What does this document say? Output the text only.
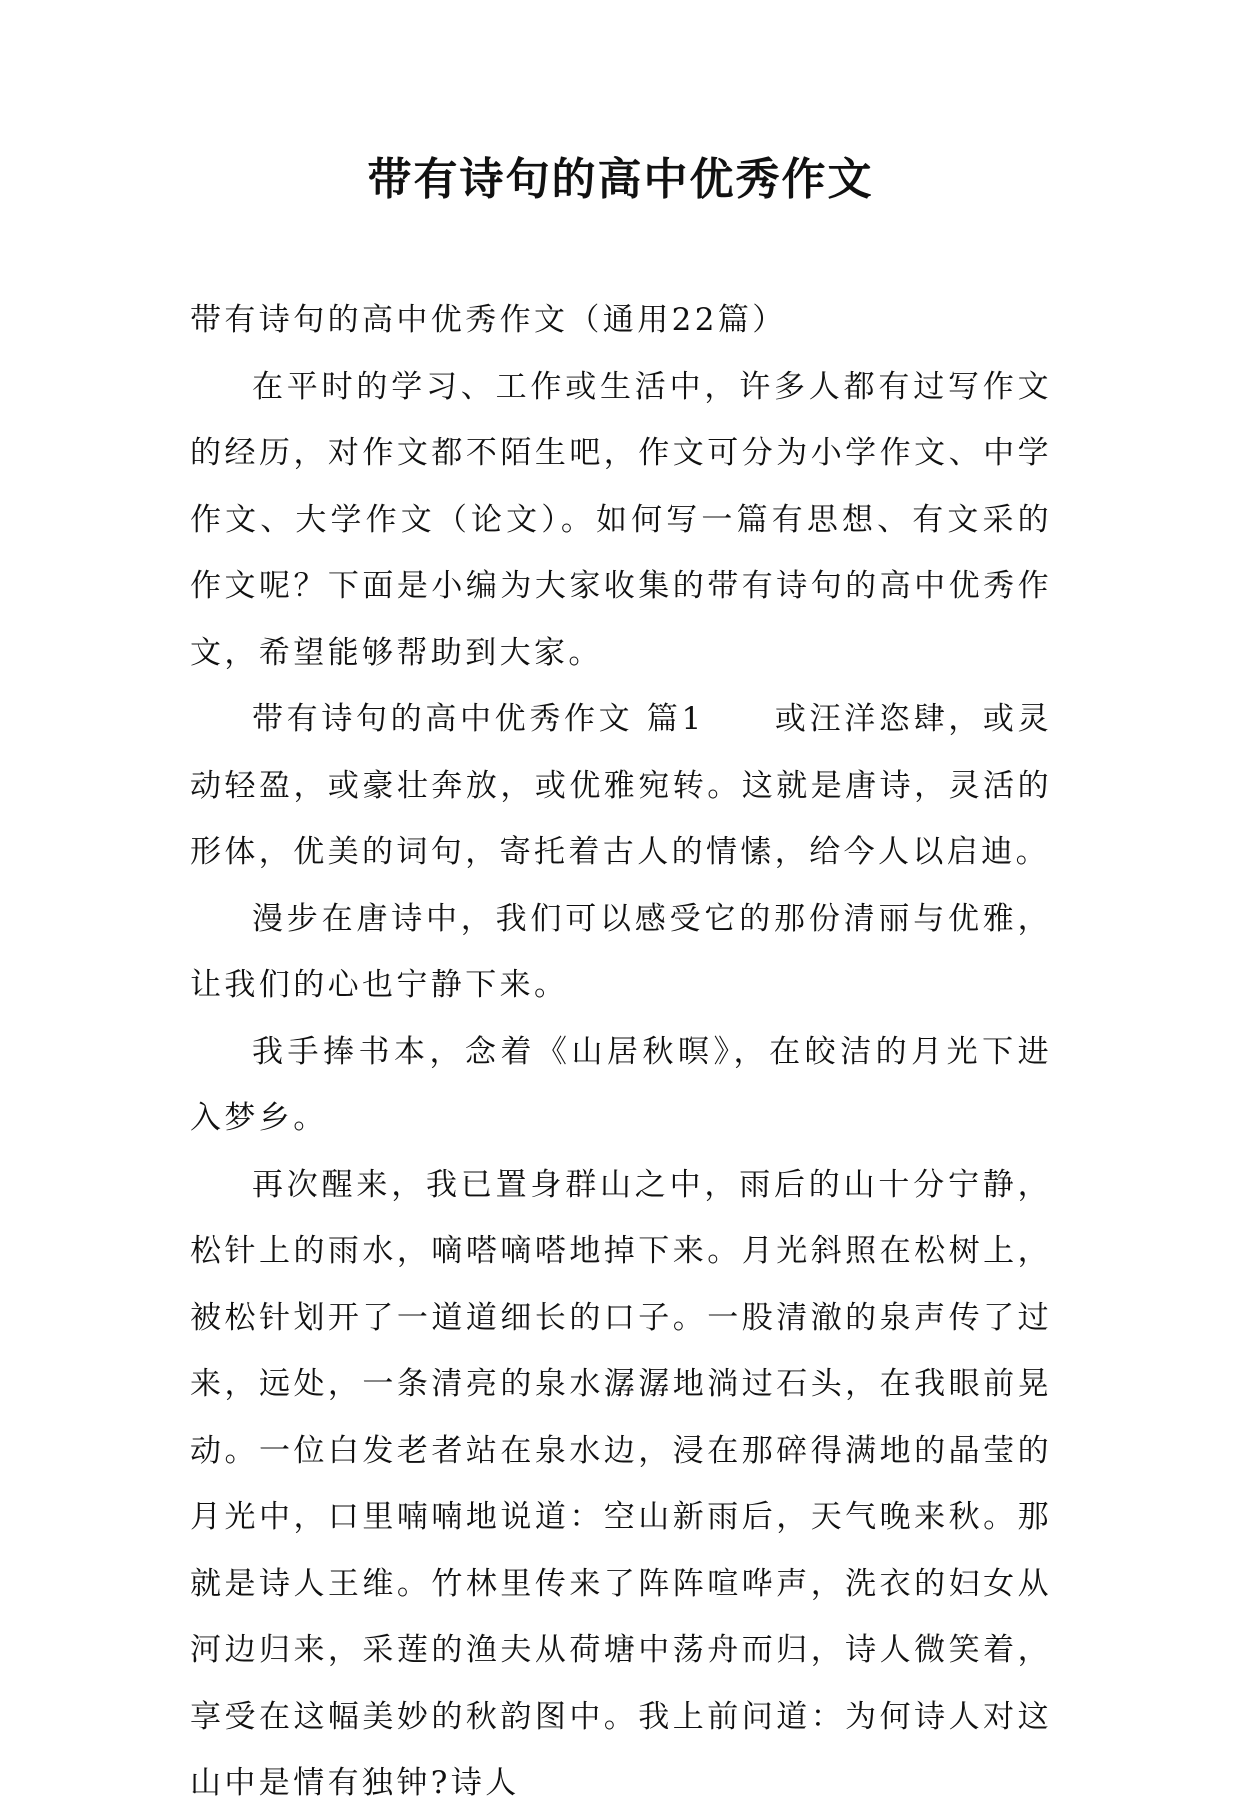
带有诗句的高中优秀作文

带有诗句的高中优秀作文（通用22篇）

在平时的学习、工作或生活中，许多人都有过写作文的经历，对作文都不陌生吧，作文可分为小学作文、中学作文、大学作文（论文）。如何写一篇有思想、有文采的作文呢？下面是小编为大家收集的带有诗句的高中优秀作文，希望能够帮助到大家。

带有诗句的高中优秀作文 篇1 或汪洋恣肆，或灵动轻盈，或豪壮奔放，或优雅宛转。这就是唐诗，灵活的形体，优美的词句，寄托着古人的情愫，给今人以启迪。

漫步在唐诗中，我们可以感受它的那份清丽与优雅，让我们的心也宁静下来。

我手捧书本，念着《山居秋暝》，在皎洁的月光下进入梦乡。

再次醒来，我已置身群山之中，雨后的山十分宁静，松针上的雨水，嘀嗒嘀嗒地掉下来。月光斜照在松树上，被松针划开了一道道细长的口子。一股清澈的泉声传了过来，远处，一条清亮的泉水潺潺地淌过石头，在我眼前晃动。一位白发老者站在泉水边，浸在那碎得满地的晶莹的月光中，口里喃喃地说道：空山新雨后，天气晚来秋。那就是诗人王维。竹林里传来了阵阵喧哗声，洗衣的妇女从河边归来，采莲的渔夫从荷塘中荡舟而归，诗人微笑着，享受在这幅美妙的秋韵图中。我上前问道：为何诗人对这山中是情有独钟?诗人
